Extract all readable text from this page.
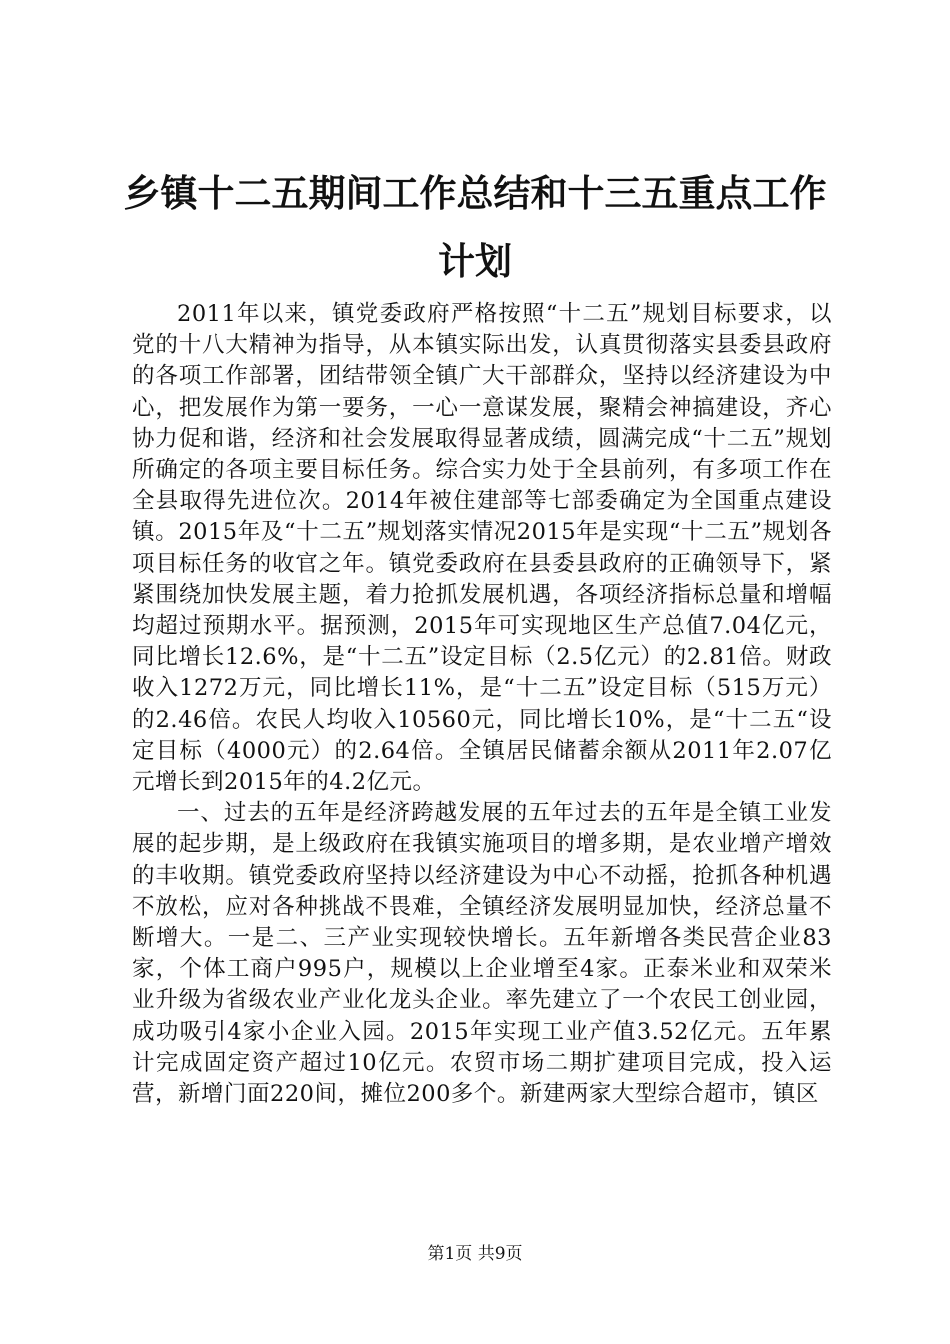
乡镇十二五期间工作总结和十三五重点工作计划

2011年以来，镇党委政府严格按照“十二五”规划目标要求，以党的十八大精神为指导，从本镇实际出发，认真贯彻落实县委县政府的各项工作部署，团结带领全镇广大干部群众，坚持以经济建设为中心，把发展作为第一要务，一心一意谋发展，聚精会神搞建设，齐心协力促和谐，经济和社会发展取得显著成绩，圆满完成“十二五”规划所确定的各项主要目标任务。综合实力处于全县前列，有多项工作在全县取得先进位次。2014年被住建部等七部委确定为全国重点建设镇。2015年及“十二五”规划落实情况2015年是实现“十二五”规划各项目标任务的收官之年。镇党委政府在县委县政府的正确领导下，紧紧围绕加快发展主题，着力抢抓发展机遇，各项经济指标总量和增幅均超过预期水平。据预测，2015年可实现地区生产总值7.04亿元，同比增长12.6%，是“十二五”设定目标（2.5亿元）的2.81倍。财政收入1272万元，同比增长11%，是“十二五”设定目标（515万元）的2.46倍。农民人均收入10560元，同比增长10%，是“十二五“设定目标（4000元）的2.64倍。全镇居民储蓄余额从2011年2.07亿元增长到2015年的4.2亿元。

一、过去的五年是经济跨越发展的五年过去的五年是全镇工业发展的起步期，是上级政府在我镇实施项目的增多期，是农业增产增效的丰收期。镇党委政府坚持以经济建设为中心不动摇，抢抓各种机遇不放松，应对各种挑战不畏难，全镇经济发展明显加快，经济总量不断增大。一是二、三产业实现较快增长。五年新增各类民营企业83家，个体工商户995户，规模以上企业增至4家。正泰米业和双荣米业升级为省级农业产业化龙头企业。率先建立了一个农民工创业园，成功吸引4家小企业入园。2015年实现工业产值3.52亿元。五年累计完成固定资产超过10亿元。农贸市场二期扩建项目完成，投入运营，新增门面220间，摊位200多个。新建两家大型综合超市，镇区

第1页 共9页
